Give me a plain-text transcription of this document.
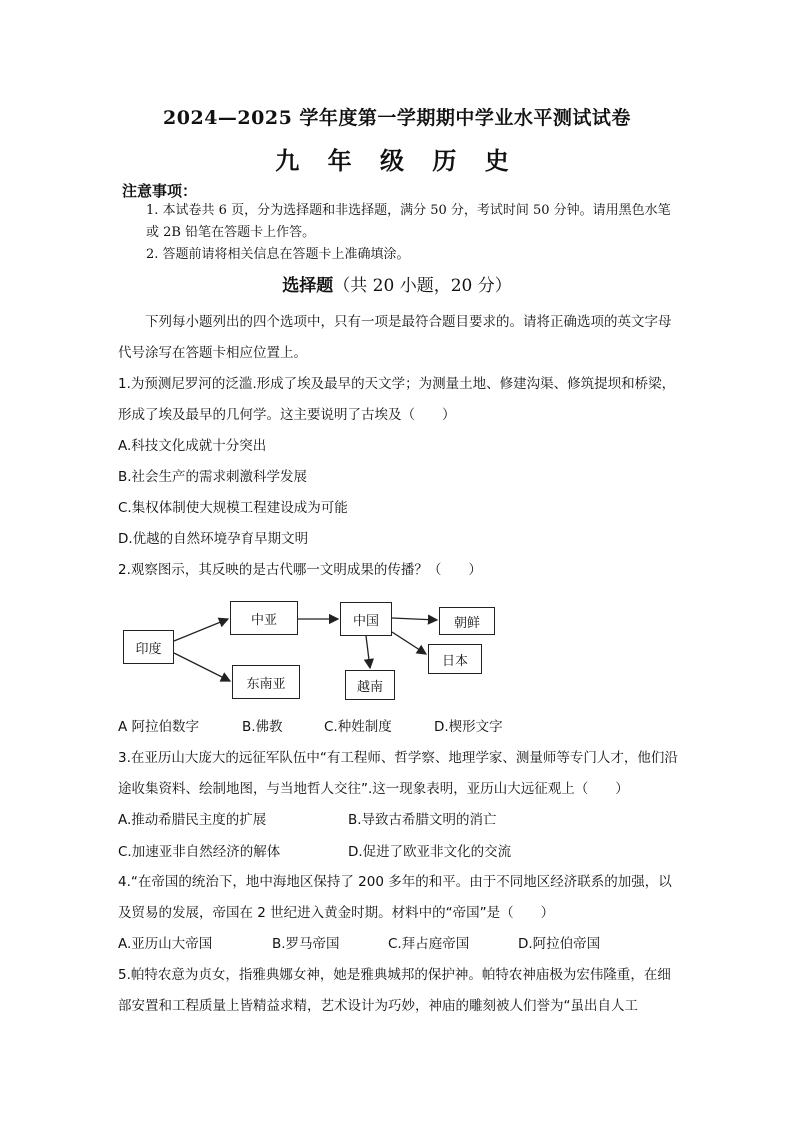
2024—2025 学年度第一学期期中学业水平测试试卷
九 年 级 历 史
注意事项：
1. 本试卷共 6 页，分为选择题和非选择题，满分 50 分，考试时间 50 分钟。请用黑色水笔或 2B 铅笔在答题卡上作答。
2. 答题前请将相关信息在答题卡上准确填涂。
选择题（共 20 小题，20 分）
下列每小题列出的四个选项中，只有一项是最符合题目要求的。请将正确选项的英文字母代号涂写在答题卡相应位置上。
1.为预测尼罗河的泛滥.形成了埃及最早的天文学；为测量土地、修建沟渠、修筑提坝和桥梁，形成了埃及最早的几何学。这主要说明了古埃及（　　）
A.科技文化成就十分突出
B.社会生产的需求刺激科学发展
C.集权体制使大规模工程建设成为可能
D.优越的自然环境孕育早期文明
2.观察图示，其反映的是古代哪一文明成果的传播？（　　）
印度
中亚
东南亚
中国	朝鲜
日本
越南
A 阿拉伯数字	B.佛教	C.种姓制度	D.楔形文字
3.在亚历山大庞大的远征军队伍中“有工程师、哲学察、地理学家、测量师等专门人才，他们沿途收集资料、绘制地图，与当地哲人交往”.这一现象表明，亚历山大远征观上（　　）
A.推动希腊民主度的扩展	B.导致古希腊文明的消亡
C.加速亚非自然经济的解体	D.促进了欧亚非文化的交流
4.“在帝国的统治下，地中海地区保持了 200 多年的和平。由于不同地区经济联系的加强，以及贸易的发展，帝国在 2 世纪进入黄金时期。材料中的“帝国”是（　　）
A.亚历山大帝国	B.罗马帝国	C.拜占庭帝国	D.阿拉伯帝国
5.帕特农意为贞女，指雅典娜女神，她是雅典城邦的保护神。帕特农神庙极为宏伟隆重，在细部安置和工程质量上皆精益求精，艺术设计为巧妙，神庙的雕刻被人们誉为“虽出自人工
